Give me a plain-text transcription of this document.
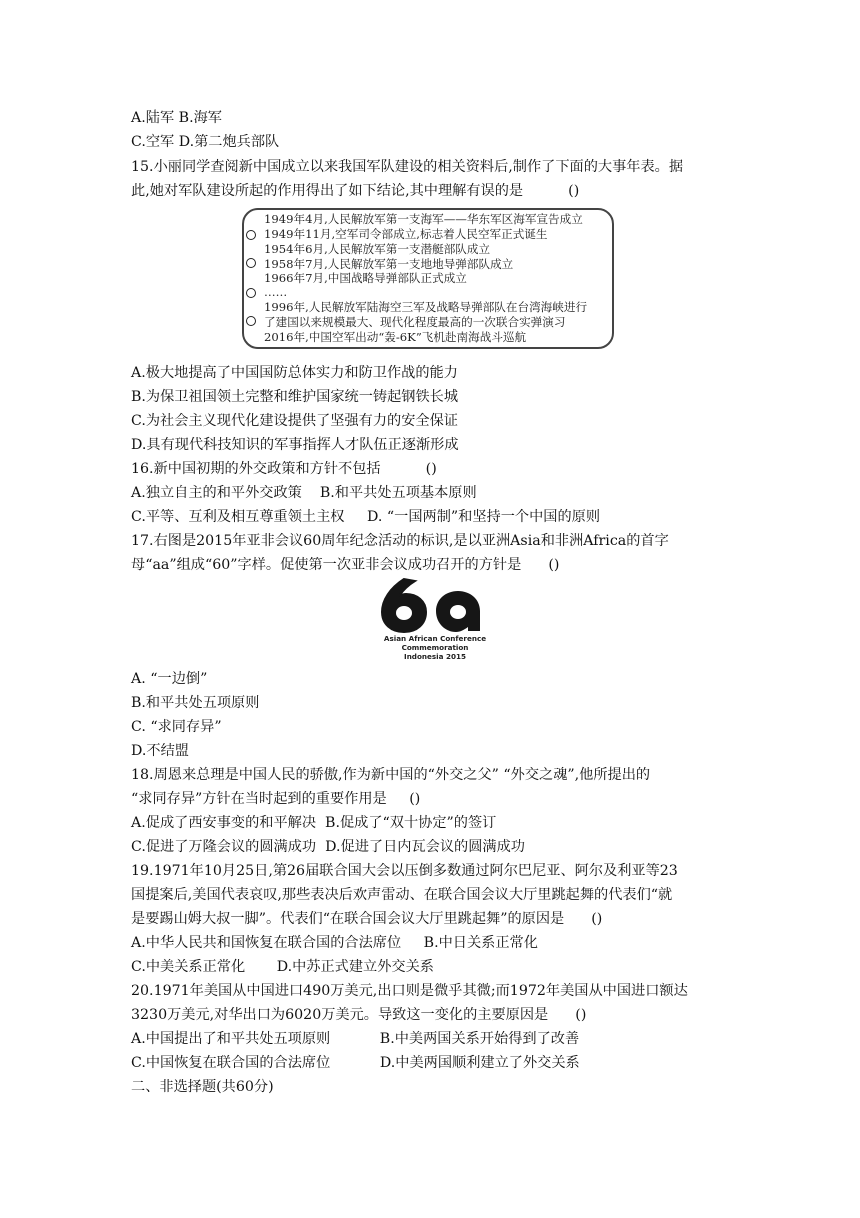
A.陆军 B.海军
C.空军 D.第二炮兵部队
15.小丽同学查阅新中国成立以来我国军队建设的相关资料后,制作了下面的大事年表。据
此,她对军队建设所起的作用得出了如下结论,其中理解有误的是          ()
1949年4月,人民解放军第一支海军——华东军区海军宣告成立
1949年11月,空军司令部成立,标志着人民空军正式诞生
1954年6月,人民解放军第一支潜艇部队成立
1958年7月,人民解放军第一支地地导弹部队成立
1966年7月,中国战略导弹部队正式成立
……
1996年,人民解放军陆海空三军及战略导弹部队在台湾海峡进行
了建国以来规模最大、现代化程度最高的一次联合实弹演习
2016年,中国空军出动“轰-6K”飞机赴南海战斗巡航
A.极大地提高了中国国防总体实力和防卫作战的能力
B.为保卫祖国领土完整和维护国家统一铸起钢铁长城
C.为社会主义现代化建设提供了坚强有力的安全保证
D.具有现代科技知识的军事指挥人才队伍正逐渐形成
16.新中国初期的外交政策和方针不包括          ()
A.独立自主的和平外交政策    B.和平共处五项基本原则
C.平等、互利及相互尊重领土主权     D. “一国两制”和坚持一个中国的原则
17.右图是2015年亚非会议60周年纪念活动的标识,是以亚洲Asia和非洲Africa的首字
母“aa”组成“60”字样。促使第一次亚非会议成功召开的方针是      ()
Asian African Conference
Commemoration
Indonesia 2015
A. “一边倒”
B.和平共处五项原则
C. “求同存异”
D.不结盟
18.周恩来总理是中国人民的骄傲,作为新中国的“外交之父” “外交之魂”,他所提出的
“求同存异”方针在当时起到的重要作用是     ()
A.促成了西安事变的和平解决  B.促成了“双十协定”的签订
C.促进了万隆会议的圆满成功  D.促进了日内瓦会议的圆满成功
19.1971年10月25日,第26届联合国大会以压倒多数通过阿尔巴尼亚、阿尔及利亚等23
国提案后,美国代表哀叹,那些表决后欢声雷动、在联合国会议大厅里跳起舞的代表们“就
是要踢山姆大叔一脚”。代表们“在联合国会议大厅里跳起舞”的原因是      ()
A.中华人民共和国恢复在联合国的合法席位     B.中日关系正常化
C.中美关系正常化       D.中苏正式建立外交关系
20.1971年美国从中国进口490万美元,出口则是微乎其微;而1972年美国从中国进口额达
3230万美元,对华出口为6020万美元。导致这一变化的主要原因是      ()
A.中国提出了和平共处五项原则           B.中美两国关系开始得到了改善
C.中国恢复在联合国的合法席位           D.中美两国顺利建立了外交关系
二、非选择题(共60分)
